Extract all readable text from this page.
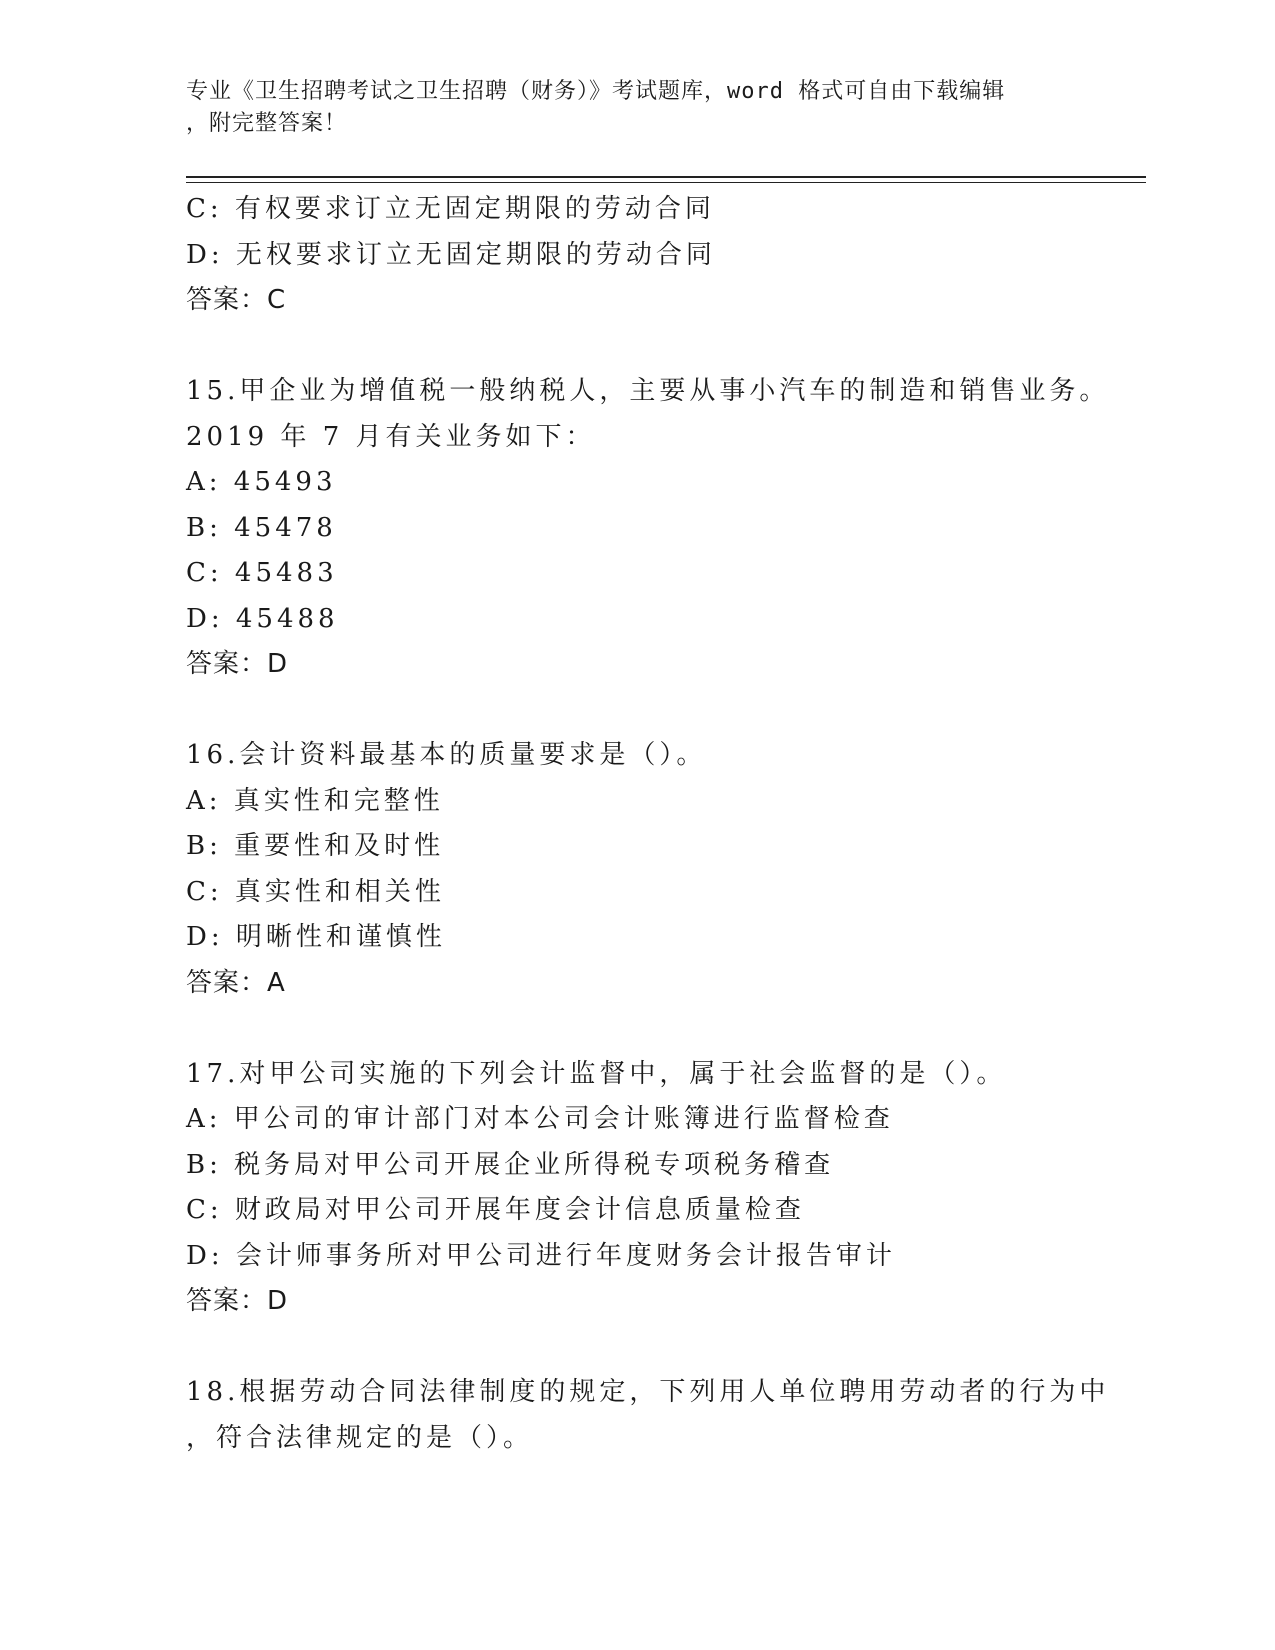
专业《卫生招聘考试之卫生招聘（财务）》考试题库，word 格式可自由下载编辑
，附完整答案！
C: 有权要求订立无固定期限的劳动合同
D: 无权要求订立无固定期限的劳动合同
答案：C
15.甲企业为增值税一般纳税人，主要从事小汽车的制造和销售业务。
2019 年 7 月有关业务如下：
A: 45493
B: 45478
C: 45483
D: 45488
答案：D
16.会计资料最基本的质量要求是（）。
A: 真实性和完整性
B: 重要性和及时性
C: 真实性和相关性
D: 明晰性和谨慎性
答案：A
17.对甲公司实施的下列会计监督中，属于社会监督的是（）。
A: 甲公司的审计部门对本公司会计账簿进行监督检查
B: 税务局对甲公司开展企业所得税专项税务稽查
C: 财政局对甲公司开展年度会计信息质量检查
D: 会计师事务所对甲公司进行年度财务会计报告审计
答案：D
18.根据劳动合同法律制度的规定，下列用人单位聘用劳动者的行为中
，符合法律规定的是（）。
